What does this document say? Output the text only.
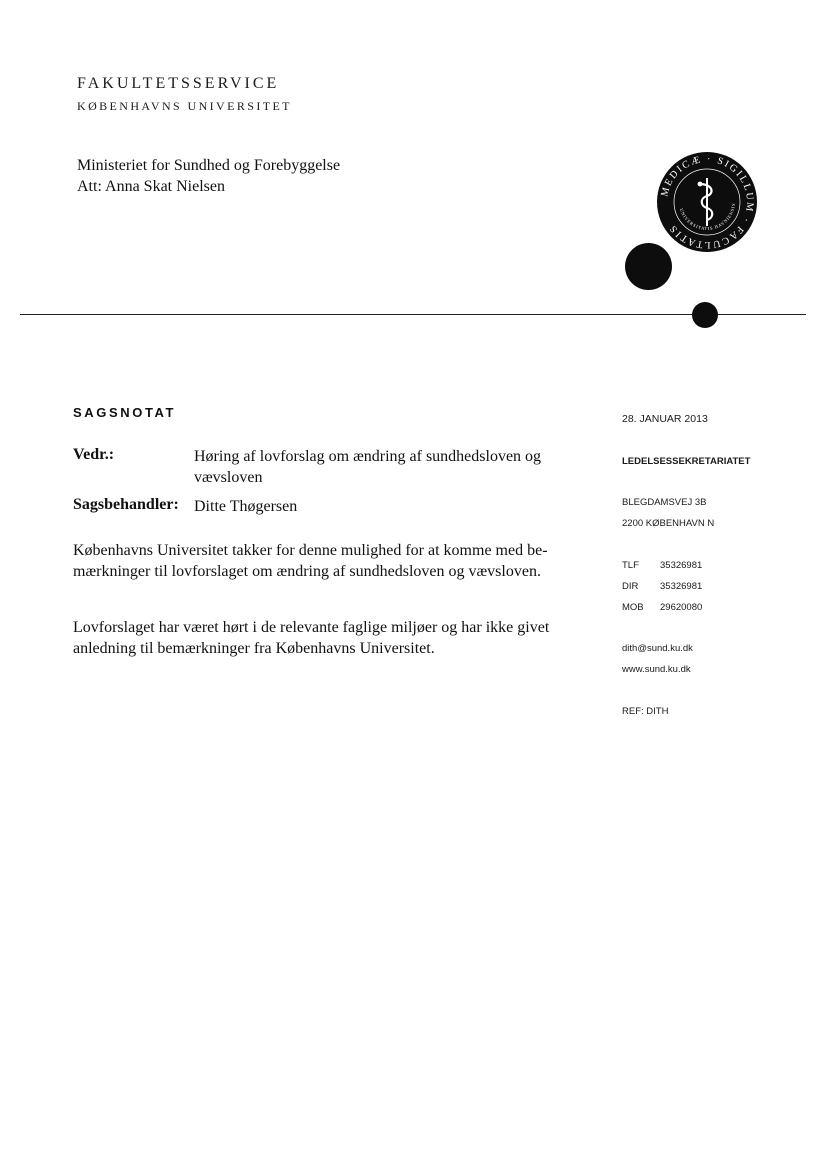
FAKULTETSSERVICE
KØBENHAVNS UNIVERSITET
Ministeriet for Sundhed og Forebyggelse
Att: Anna Skat Nielsen	MEDICÆ · SIGILLUM · FACULTATIS
UNIVERSITATIS HAVNIENSIS
SAGSNOTAT
Vedr.:	Høring af lovforslag om ændring af sundhedsloven og vævsloven
Sagsbehandler: Ditte Thøgersen
Københavns Universitet takker for denne mulighed for at komme med be-mærkninger til lovforslaget om ændring af sundhedsloven og vævsloven.
Lovforslaget har været hørt i de relevante faglige miljøer og har ikke givet anledning til bemærkninger fra Københavns Universitet.
28. JANUAR 2013
LEDELSESSEKRETARIATET
BLEGDAMSVEJ 3B
2200 KØBENHAVN N
TLF 35326981
DIR 35326981
MOB 29620080
dith@sund.ku.dk
www.sund.ku.dk
REF: DITH
